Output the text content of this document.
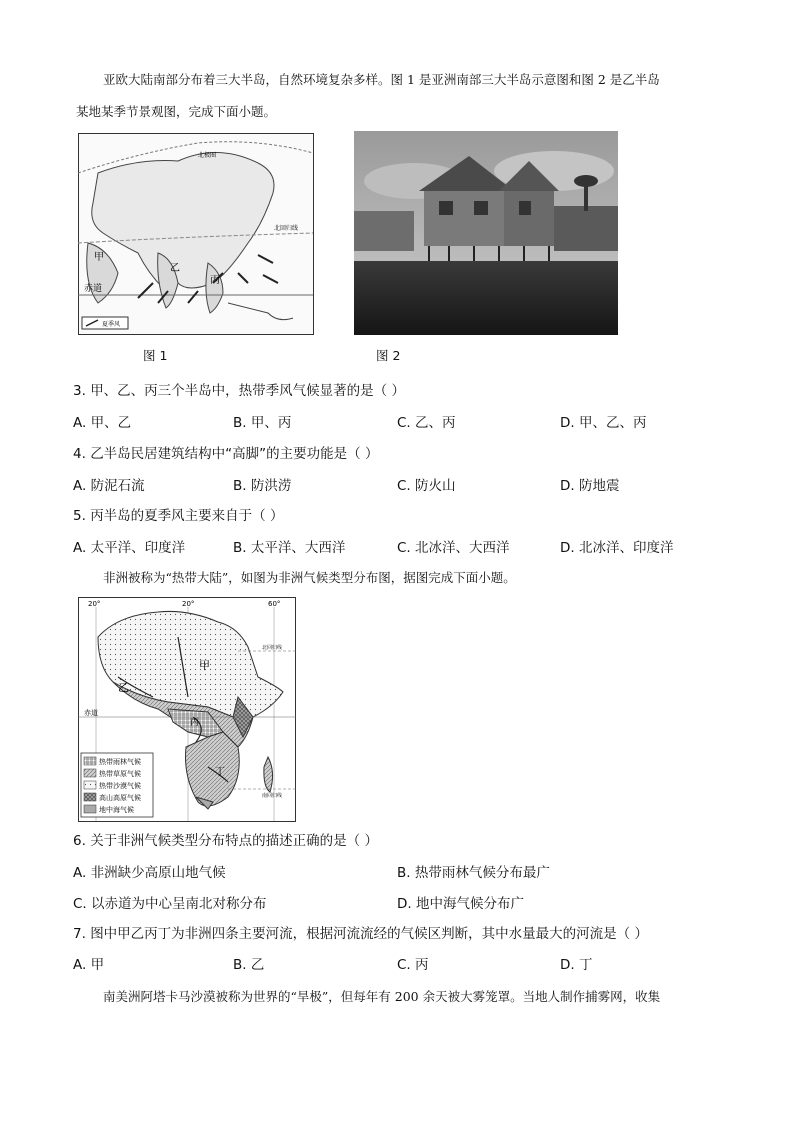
亚欧大陆南部分布着三大半岛，自然环境复杂多样。图 1 是亚洲南部三大半岛示意图和图 2 是乙半岛
某地某季节景观图，完成下面小题。
甲
乙
丙
赤道
北极圈
北回归线
夏季风
图 1	图 2
3. 甲、乙、丙三个半岛中，热带季风气候显著的是（ ）
A. 甲、乙	B. 甲、丙	C. 乙、丙	D. 甲、乙、丙
4. 乙半岛民居建筑结构中“高脚”的主要功能是（ ）
A. 防泥石流	B. 防洪涝	C. 防火山	D. 防地震
5. 丙半岛的夏季风主要来自于（ ）
A. 太平洋、印度洋	B. 太平洋、大西洋	C. 北冰洋、大西洋	D. 北冰洋、印度洋
非洲被称为“热带大陆”，如图为非洲气候类型分布图，据图完成下面小题。
20°	20°	60°
甲
乙
丙
丁
赤道
北回归线
南回归线
热带雨林气候
热带草原气候
热带沙漠气候
高山高原气候
地中海气候
6. 关于非洲气候类型分布特点的描述正确的是（ ）
A. 非洲缺少高原山地气候	B. 热带雨林气候分布最广
C. 以赤道为中心呈南北对称分布	D. 地中海气候分布广
7. 图中甲乙丙丁为非洲四条主要河流，根据河流流经的气候区判断，其中水量最大的河流是（ ）
A. 甲	B. 乙	C. 丙	D. 丁
南美洲阿塔卡马沙漠被称为世界的“旱极”，但每年有 200 余天被大雾笼罩。当地人制作捕雾网，收集
